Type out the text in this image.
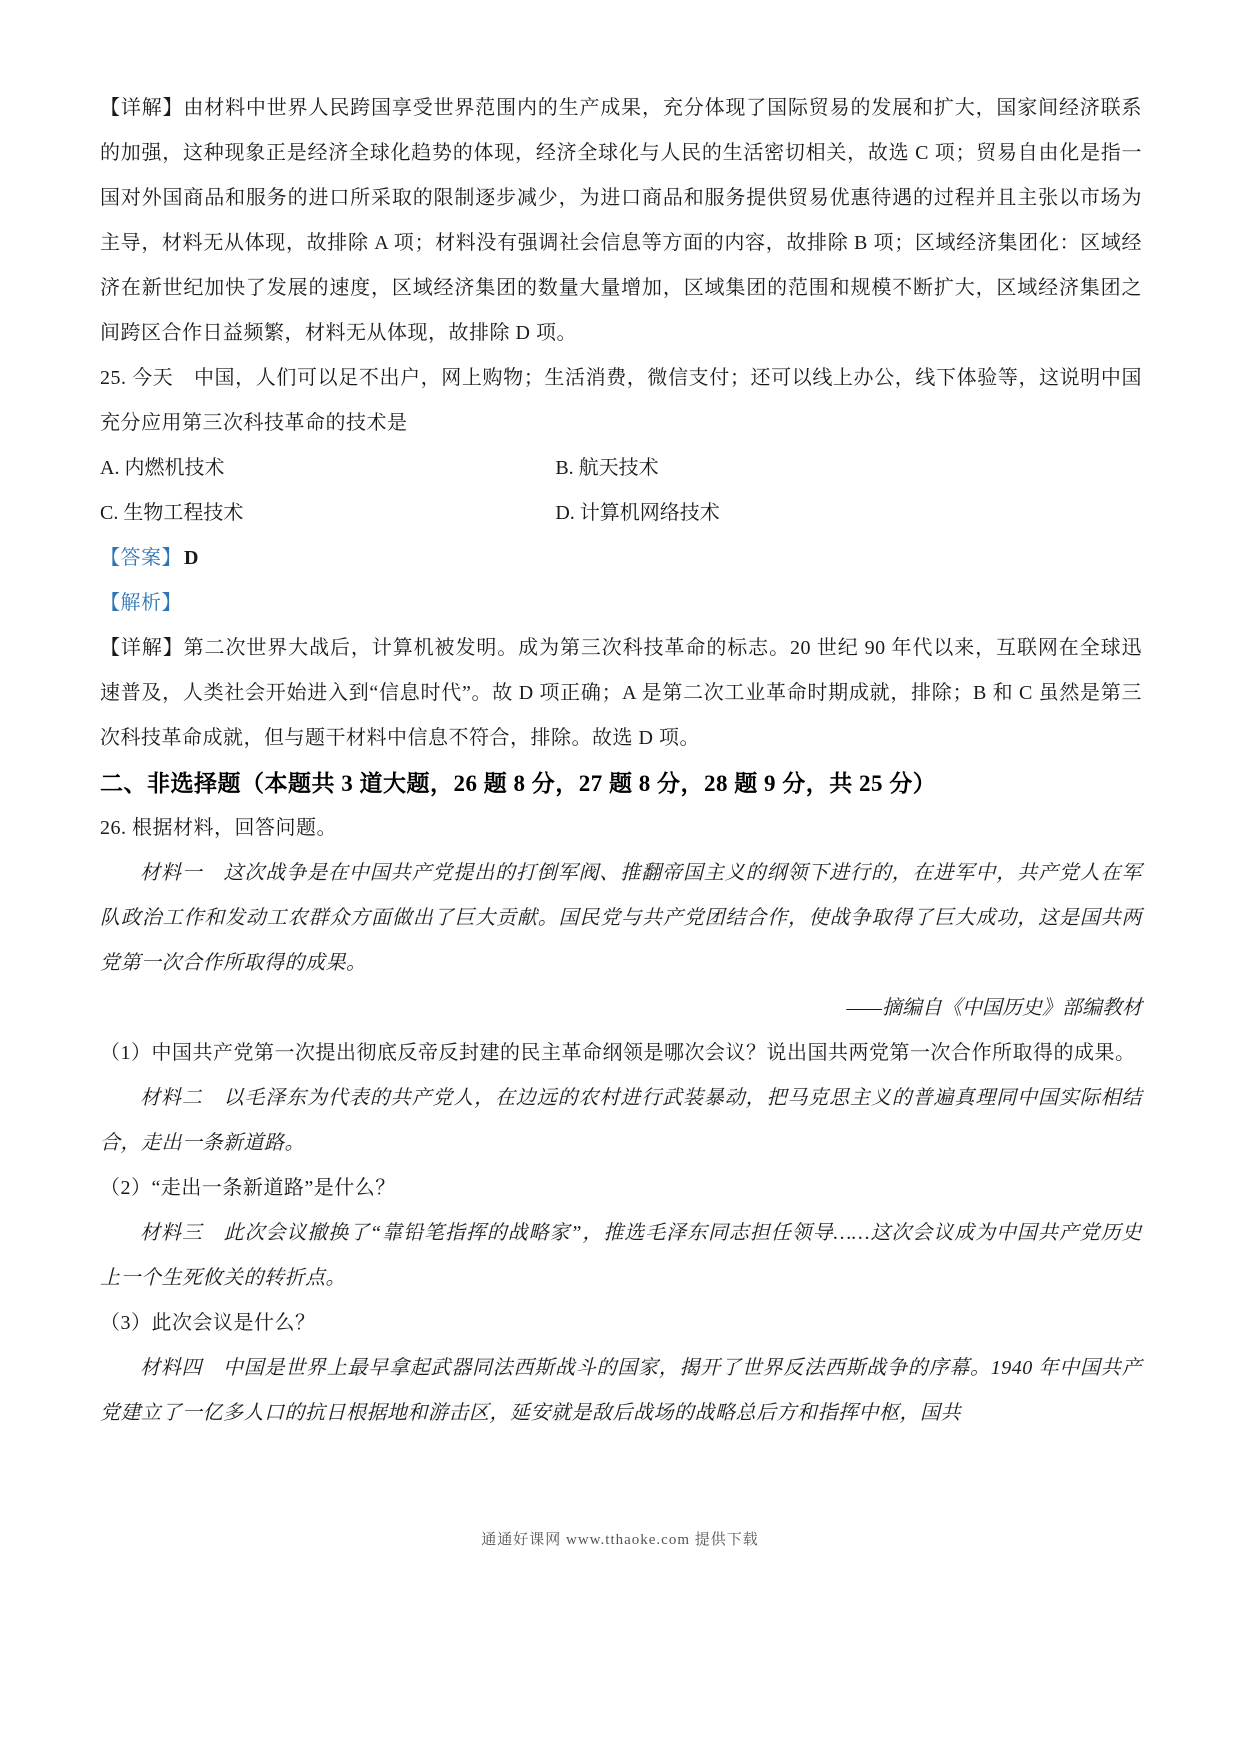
【详解】由材料中世界人民跨国享受世界范围内的生产成果，充分体现了国际贸易的发展和扩大，国家间经济联系的加强，这种现象正是经济全球化趋势的体现，经济全球化与人民的生活密切相关，故选 C 项；贸易自由化是指一国对外国商品和服务的进口所采取的限制逐步减少，为进口商品和服务提供贸易优惠待遇的过程并且主张以市场为主导，材料无从体现，故排除 A 项；材料没有强调社会信息等方面的内容，故排除 B 项；区域经济集团化：区域经济在新世纪加快了发展的速度，区域经济集团的数量大量增加，区域集团的范围和规模不断扩大，区域经济集团之间跨区合作日益频繁，材料无从体现，故排除 D 项。

25. 今天　中国，人们可以足不出户，网上购物；生活消费，微信支付；还可以线上办公，线下体验等，这说明中国充分应用第三次科技革命的技术是

A. 内燃机技术	B. 航天技术
C. 生物工程技术	D. 计算机网络技术

【答案】 D

【解析】

【详解】第二次世界大战后，计算机被发明。成为第三次科技革命的标志。20 世纪 90 年代以来，互联网在全球迅速普及，人类社会开始进入到“信息时代”。故 D 项正确；A 是第二次工业革命时期成就，排除；B 和 C 虽然是第三次科技革命成就，但与题干材料中信息不符合，排除。故选 D 项。

二、非选择题（本题共 3 道大题，26 题 8 分，27 题 8 分，28 题 9 分，共 25 分）

26. 根据材料，回答问题。

材料一　这次战争是在中国共产党提出的打倒军阀、推翻帝国主义的纲领下进行的，在进军中，共产党人在军队政治工作和发动工农群众方面做出了巨大贡献。国民党与共产党团结合作，使战争取得了巨大成功，这是国共两党第一次合作所取得的成果。

——摘编自《中国历史》部编教材

（1）中国共产党第一次提出彻底反帝反封建的民主革命纲领是哪次会议？说出国共两党第一次合作所取得的成果。

材料二　以毛泽东为代表的共产党人，在边远的农村进行武装暴动，把马克思主义的普遍真理同中国实际相结合，走出一条新道路。

（2）“走出一条新道路”是什么？

材料三　此次会议撤换了“靠铅笔指挥的战略家”，推选毛泽东同志担任领导……这次会议成为中国共产党历史上一个生死攸关的转折点。

（3）此次会议是什么？

材料四　中国是世界上最早拿起武器同法西斯战斗的国家，揭开了世界反法西斯战争的序幕。1940 年中国共产党建立了一亿多人口的抗日根据地和游击区，延安就是敌后战场的战略总后方和指挥中枢，国共

通通好课网 www.tthaoke.com 提供下载
